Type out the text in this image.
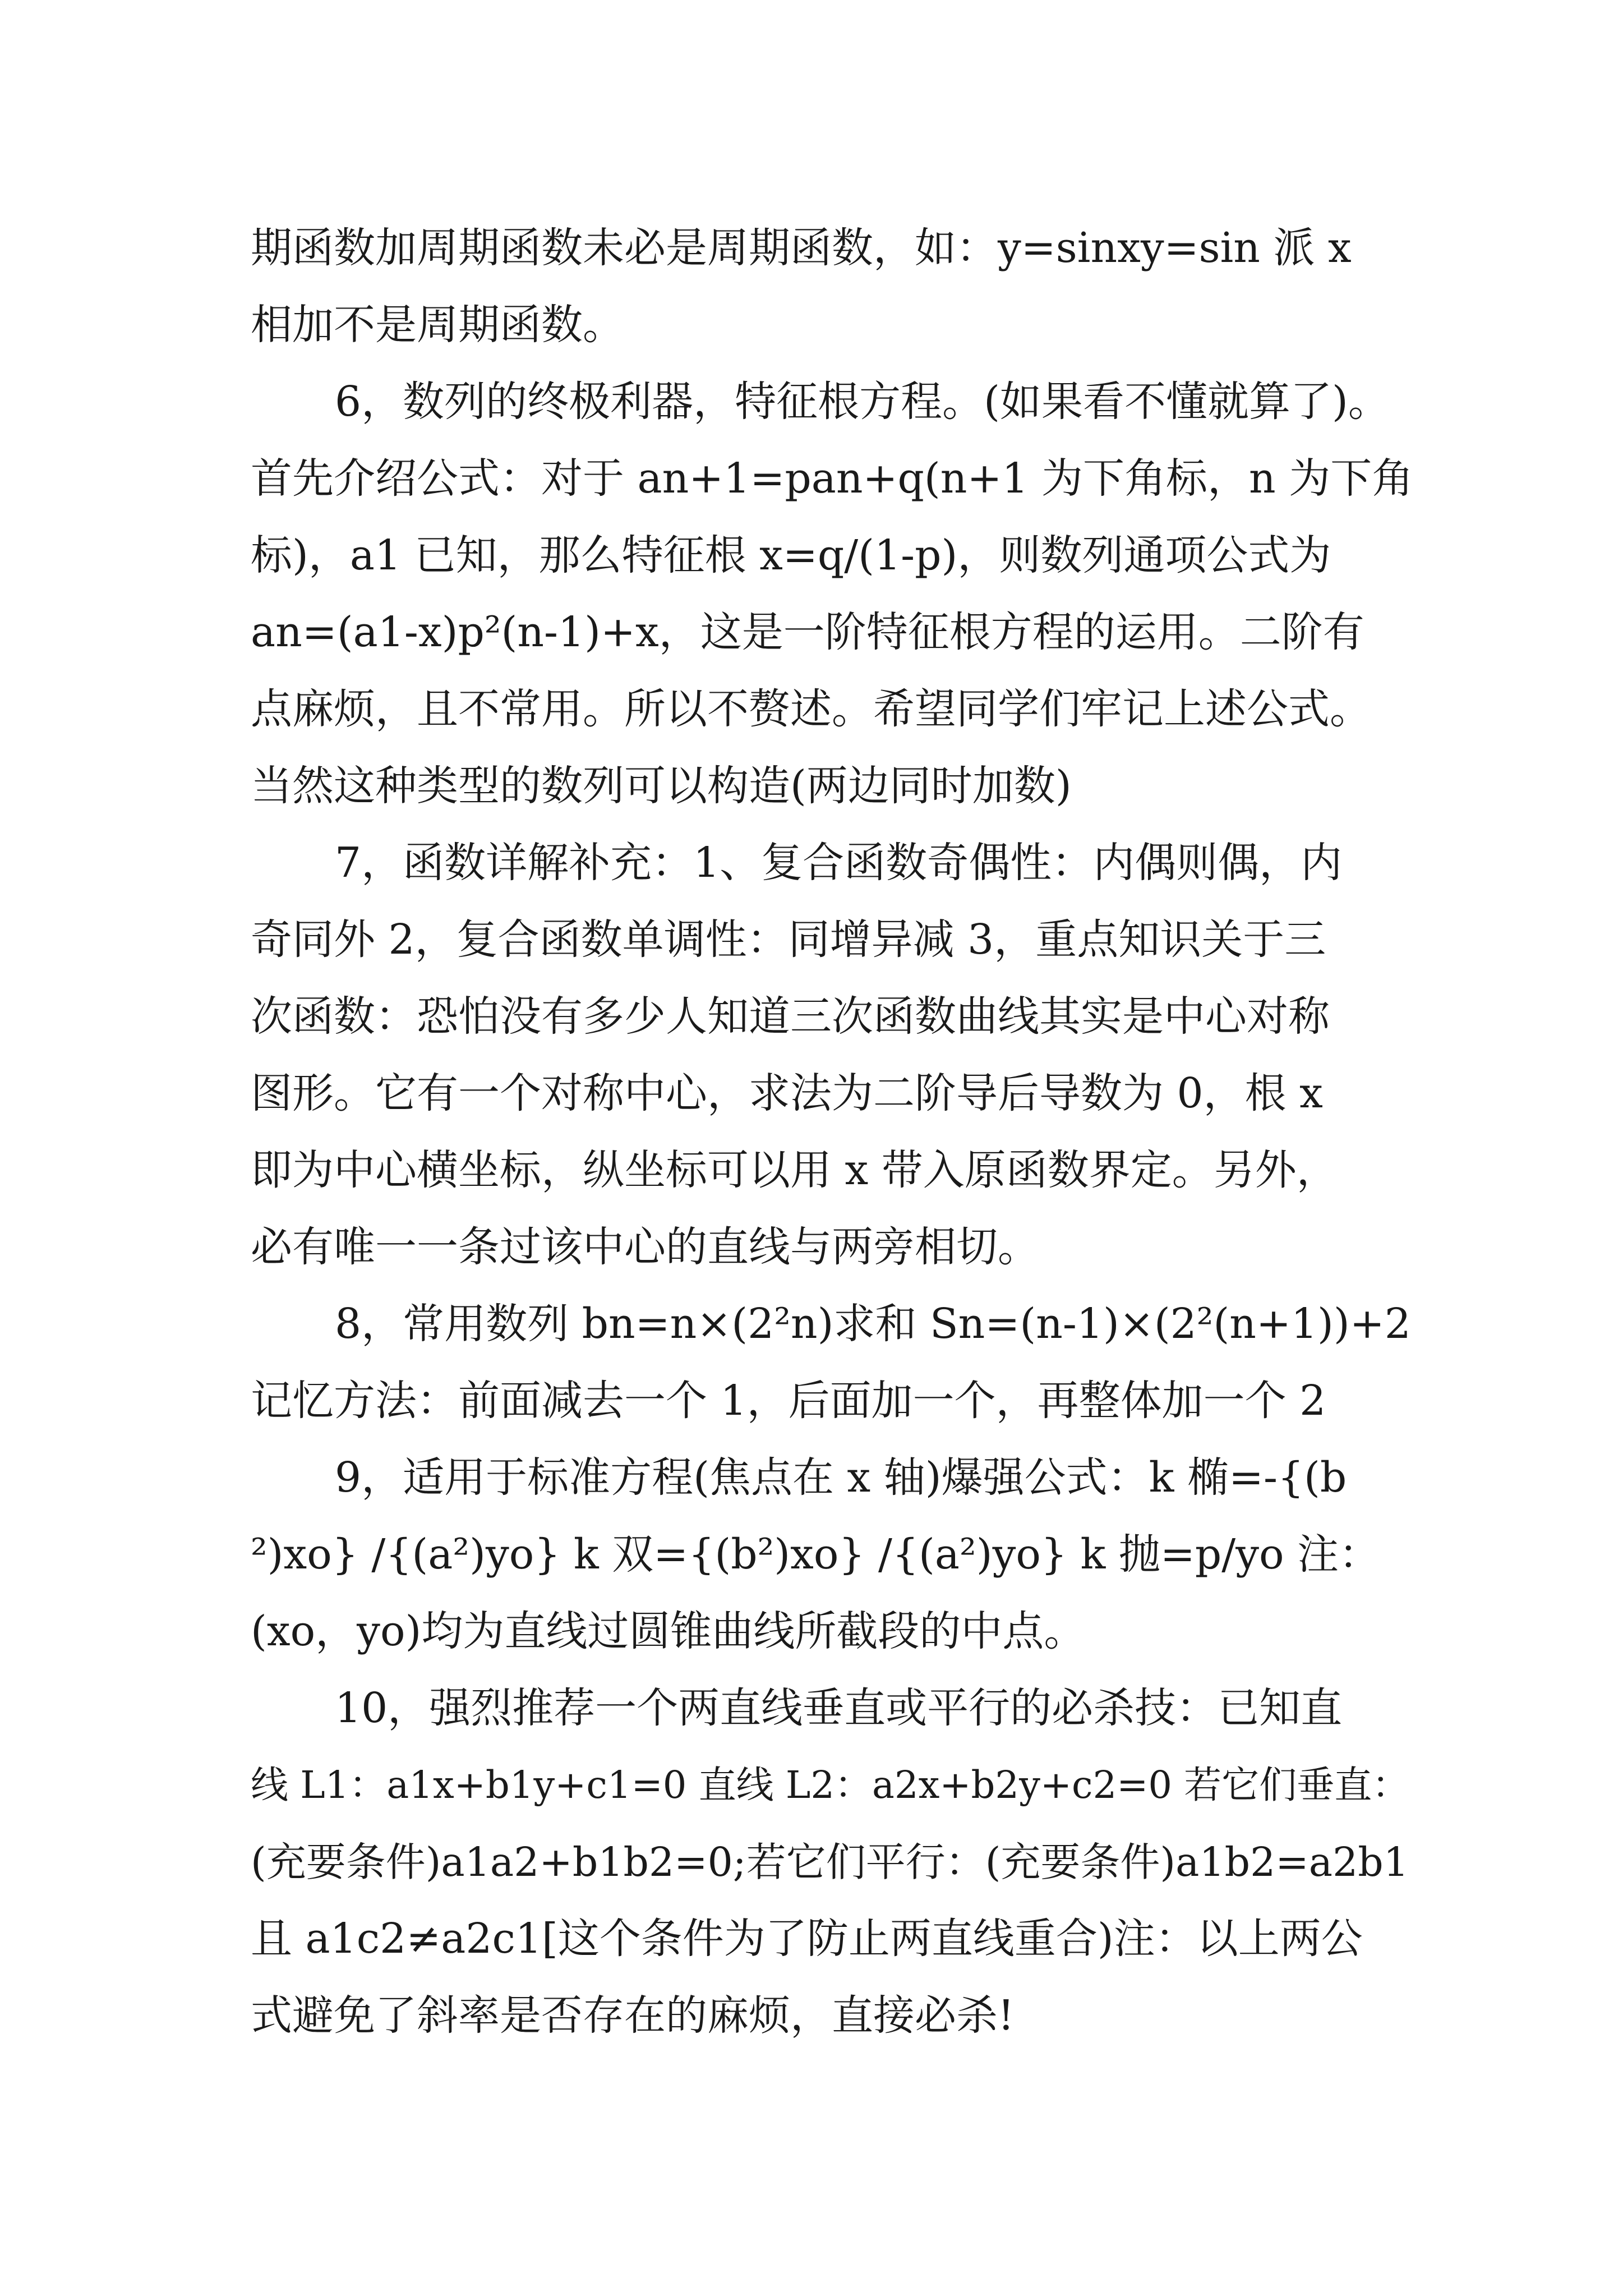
期函数加周期函数未必是周期函数，如：y=sinxy=sin 派 x
相加不是周期函数。
6，数列的终极利器，特征根方程。(如果看不懂就算了)。
首先介绍公式：对于 an+1=pan+q(n+1 为下角标，n 为下角
标)，a1 已知，那么特征根 x=q/(1-p)，则数列通项公式为
an=(a1-x)p²(n-1)+x，这是一阶特征根方程的运用。二阶有
点麻烦，且不常用。所以不赘述。希望同学们牢记上述公式。
当然这种类型的数列可以构造(两边同时加数)
7，函数详解补充：1、复合函数奇偶性：内偶则偶，内
奇同外 2，复合函数单调性：同增异减 3，重点知识关于三
次函数：恐怕没有多少人知道三次函数曲线其实是中心对称
图形。它有一个对称中心，求法为二阶导后导数为 0，根 x
即为中心横坐标，纵坐标可以用 x 带入原函数界定。另外，
必有唯一一条过该中心的直线与两旁相切。
8，常用数列 bn=n×(2²n)求和 Sn=(n-1)×(2²(n+1))+2
记忆方法：前面减去一个 1，后面加一个，再整体加一个 2
9，适用于标准方程(焦点在 x 轴)爆强公式：k 椭=-{(b
²)xo} /{(a²)yo} k 双={(b²)xo} /{(a²)yo} k 抛=p/yo 注：
(xo，yo)均为直线过圆锥曲线所截段的中点。
10，强烈推荐一个两直线垂直或平行的必杀技：已知直
线 L1：a1x+b1y+c1=0 直线 L2：a2x+b2y+c2=0 若它们垂直：
(充要条件)a1a2+b1b2=0;若它们平行：(充要条件)a1b2=a2b1
且 a1c2≠a2c1[这个条件为了防止两直线重合)注：以上两公
式避免了斜率是否存在的麻烦，直接必杀!
